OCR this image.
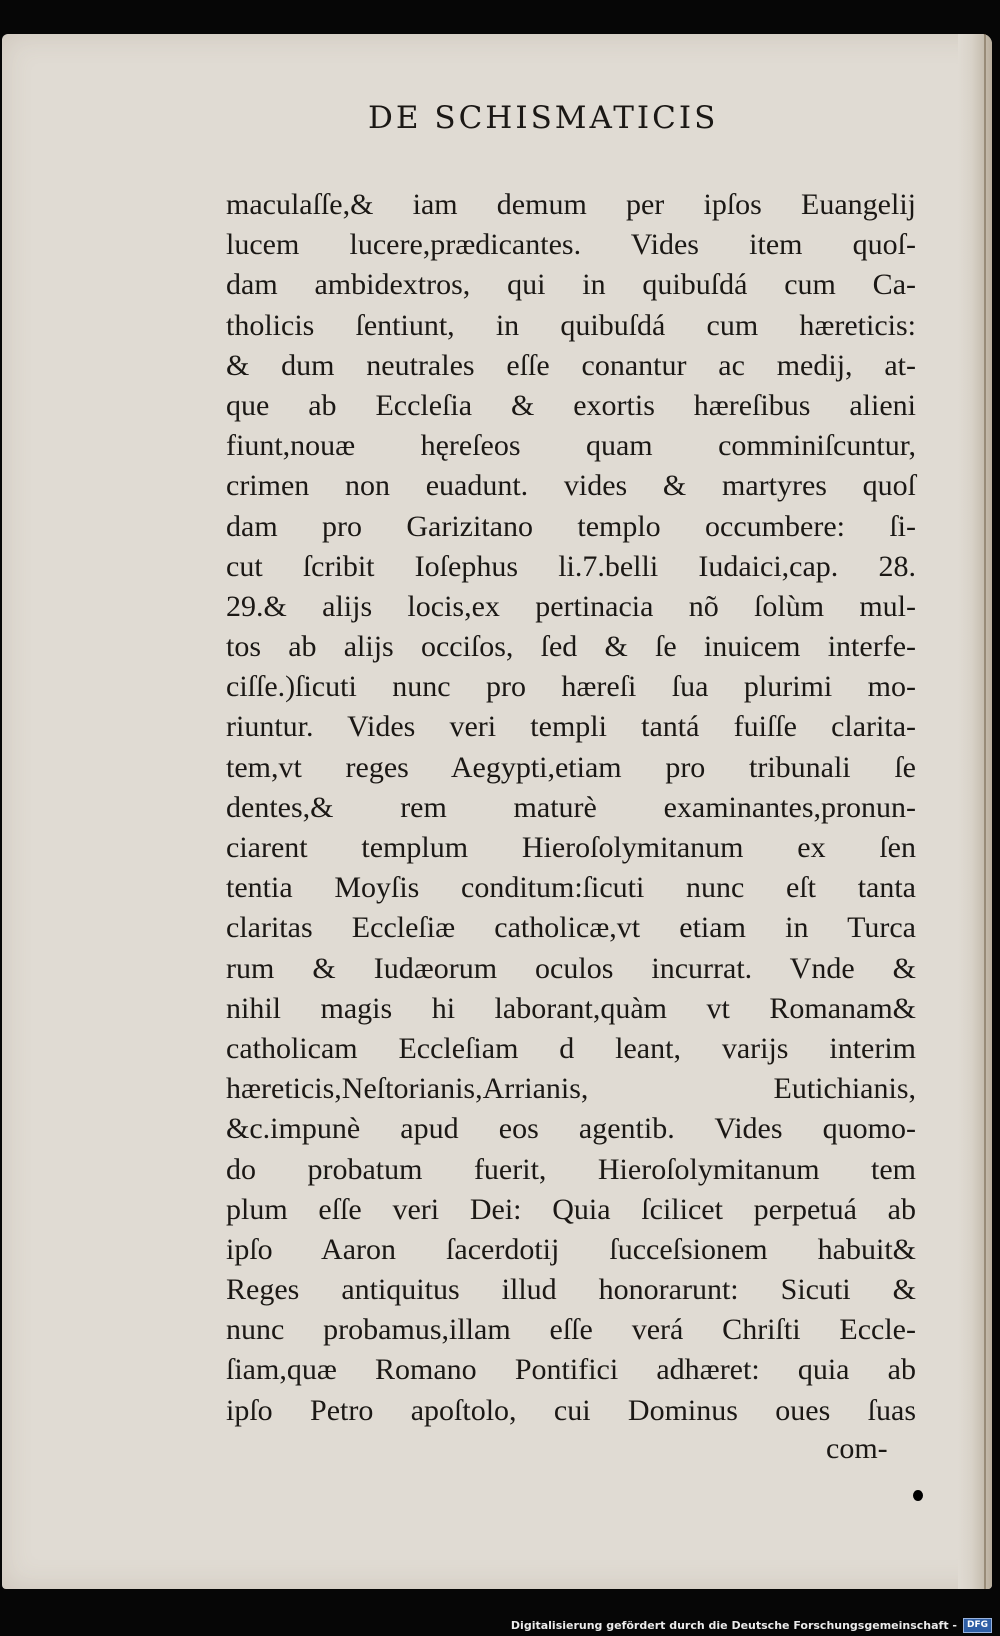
DE SCHISMATICIS
maculaſſe,& iam demum per ipſos Euangelij
lucem lucere,prædicantes. Vides item quoſ-
dam ambidextros, qui in quibuſdá cum Ca-
tholicis ſentiunt, in quibuſdá cum hæreticis:
& dum neutrales eſſe conantur ac medij, at-
que ab Eccleſia & exortis hæreſibus alieni
fiunt,nouæ hęreſeos quam comminiſcuntur,
crimen non euadunt. vides & martyres quoſ
dam pro Garizitano templo occumbere: ſi-
cut ſcribit Ioſephus li.7.belli Iudaici,cap. 28.
29.& alijs locis,ex pertinacia nõ ſolùm mul-
tos ab alijs occiſos, ſed & ſe inuicem interfe-
ciſſe.)ſicuti nunc pro hæreſi ſua plurimi mo-
riuntur. Vides veri templi tantá fuiſſe clarita-
tem,vt reges Aegypti,etiam pro tribunali ſe
dentes,& rem maturè examinantes,pronun-
ciarent templum Hieroſolymitanum ex ſen
tentia Moyſis conditum:ſicuti nunc eſt tanta
claritas Eccleſiæ catholicæ,vt etiam in Turca
rum & Iudæorum oculos incurrat. Vnde &
nihil magis hi laborant,quàm vt Romanam&
catholicam Eccleſiam d leant, varijs interim
hæreticis,Neſtorianis,Arrianis, Eutichianis,
&c.impunè apud eos agentib. Vides quomo-
do probatum fuerit, Hieroſolymitanum tem
plum eſſe veri Dei: Quia ſcilicet perpetuá ab
ipſo Aaron ſacerdotij ſucceſsionem habuit&
Reges antiquitus illud honorarunt: Sicuti &
nunc probamus,illam eſſe verá Chriſti Eccle-
ſiam,quæ Romano Pontifici adhæret: quia ab
ipſo Petro apoſtolo, cui Dominus oues ſuas
com-
Digitalisierung gefördert durch die Deutsche Forschungsgemeinschaft -	DFG
